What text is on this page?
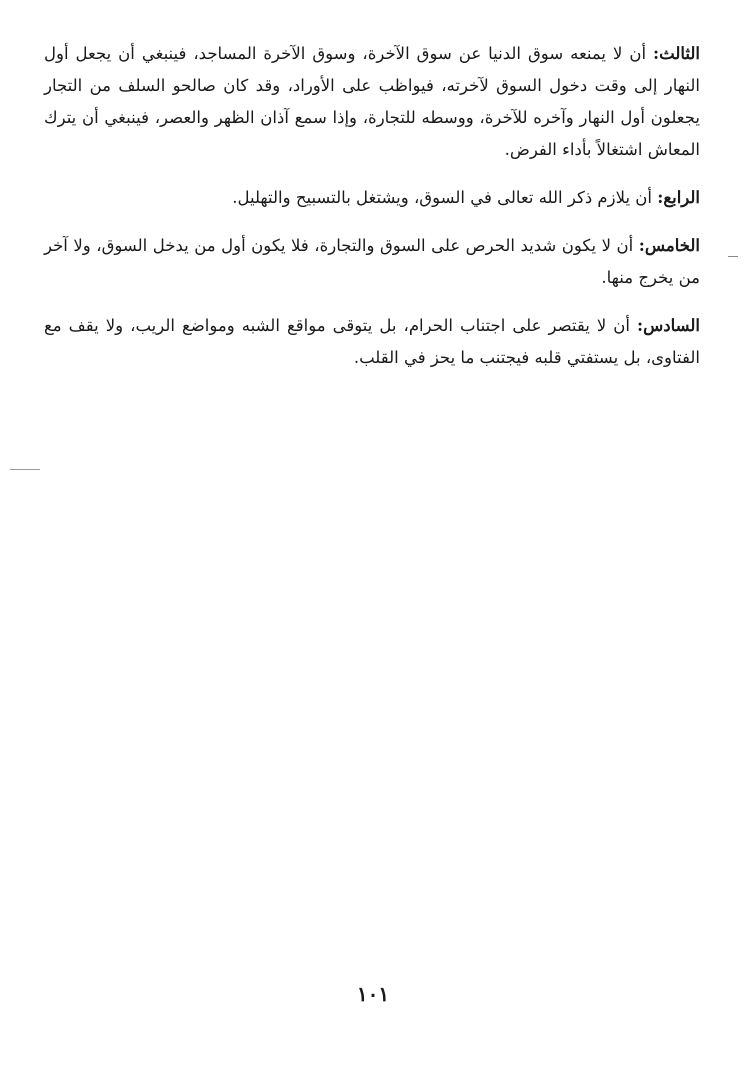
الثالث: أن لا يمنعه سوق الدنيا عن سوق الآخرة، وسوق الآخرة المساجد، فينبغي أن يجعل أول النهار إلى وقت دخول السوق لآخرته، فيواظب على الأوراد، وقد كان صالحو السلف من التجار يجعلون أول النهار وآخره للآخرة، ووسطه للتجارة، وإذا سمع آذان الظهر والعصر، فينبغي أن يترك المعاش اشتغالاً بأداء الفرض.

الرابع: أن يلازم ذكر الله تعالى في السوق، ويشتغل بالتسبيح والتهليل.

الخامس: أن لا يكون شديد الحرص على السوق والتجارة، فلا يكون أول من يدخل السوق، ولا آخر من يخرج منها.

السادس: أن لا يقتصر على اجتناب الحرام، بل يتوقى مواقع الشبه ومواضع الريب، ولا يقف مع الفتاوى، بل يستفتي قلبه فيجتنب ما يحز في القلب.

١٠١
